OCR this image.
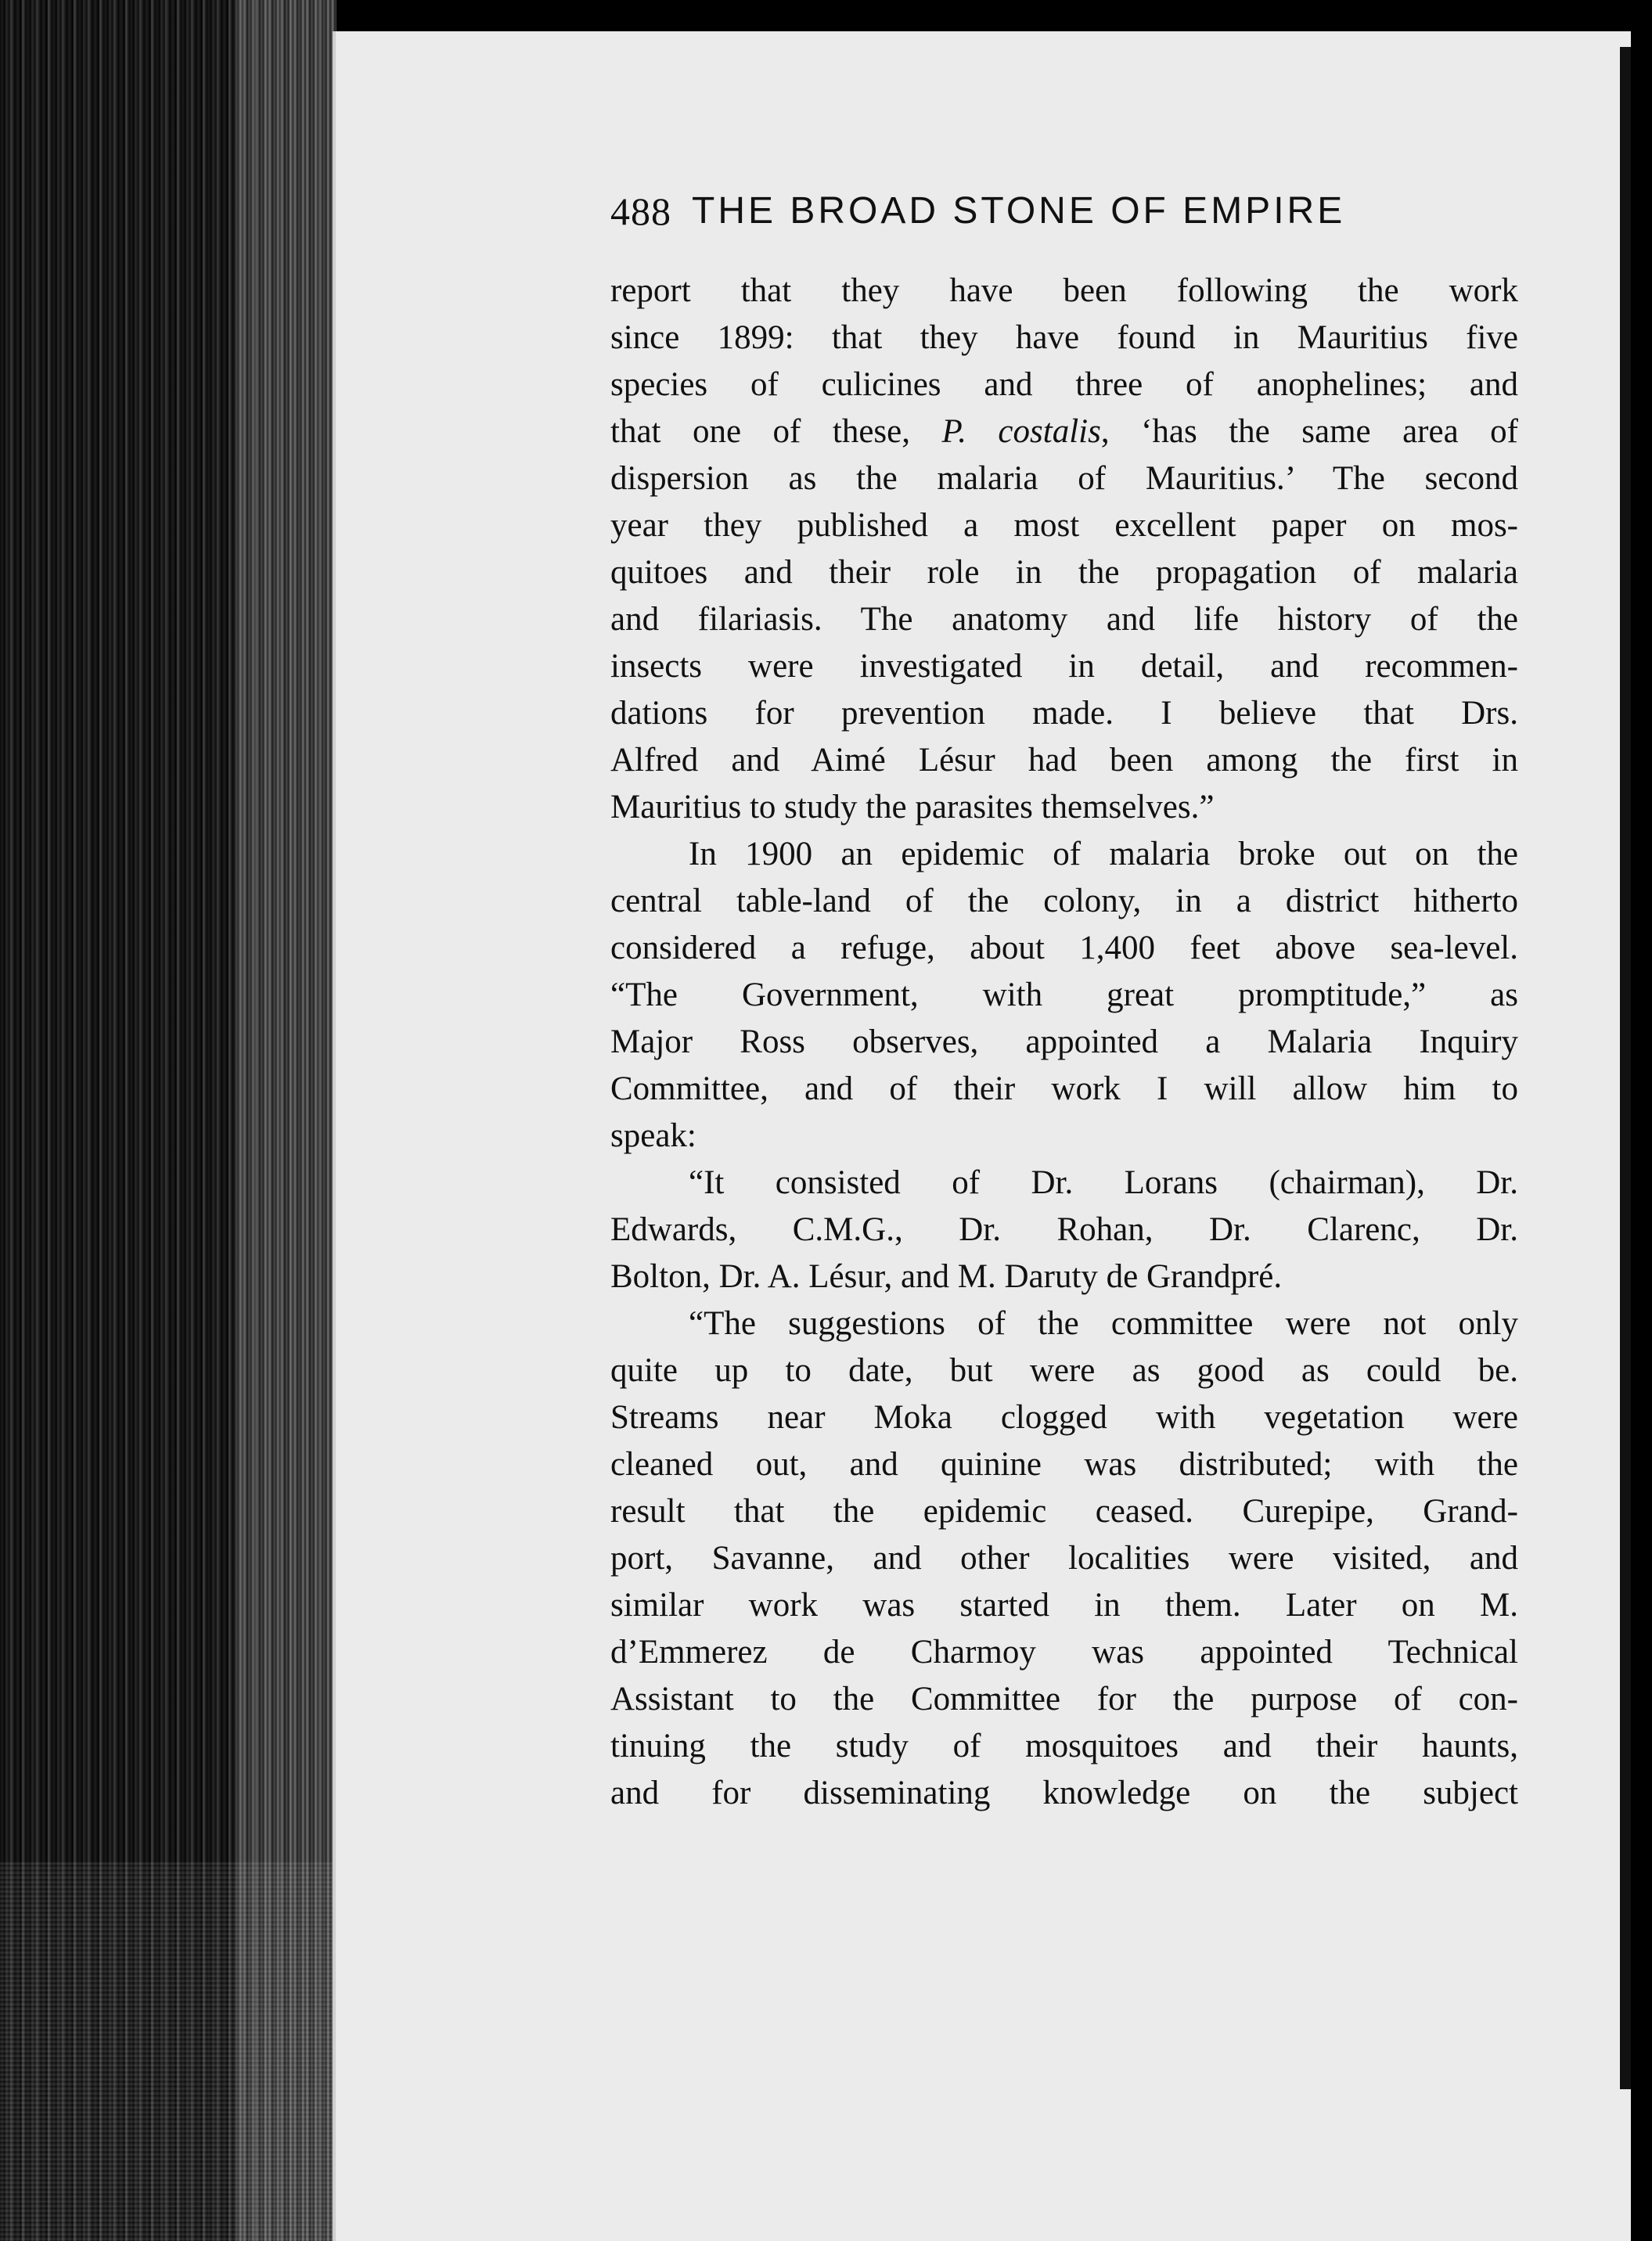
488 THE BROAD STONE OF EMPIRE
report that they have been following the work
since 1899: that they have found in Mauritius five
species of culicines and three of anophelines; and
that one of these, P. costalis, ‘has the same area of
dispersion as the malaria of Mauritius.’ The second
year they published a most excellent paper on mos-
quitoes and their role in the propagation of malaria
and filariasis. The anatomy and life history of the
insects were investigated in detail, and recommen-
dations for prevention made. I believe that Drs.
Alfred and Aimé Lésur had been among the first in
Mauritius to study the parasites themselves.”
In 1900 an epidemic of malaria broke out on the
central table-land of the colony, in a district hitherto
considered a refuge, about 1,400 feet above sea-level.
“The Government, with great promptitude,” as
Major Ross observes, appointed a Malaria Inquiry
Committee, and of their work I will allow him to
speak:
“It consisted of Dr. Lorans (chairman), Dr.
Edwards, C.M.G., Dr. Rohan, Dr. Clarenc, Dr.
Bolton, Dr. A. Lésur, and M. Daruty de Grandpré.
“The suggestions of the committee were not only
quite up to date, but were as good as could be.
Streams near Moka clogged with vegetation were
cleaned out, and quinine was distributed; with the
result that the epidemic ceased. Curepipe, Grand-
port, Savanne, and other localities were visited, and
similar work was started in them. Later on M.
d’Emmerez de Charmoy was appointed Technical
Assistant to the Committee for the purpose of con-
tinuing the study of mosquitoes and their haunts,
and for disseminating knowledge on the subject
